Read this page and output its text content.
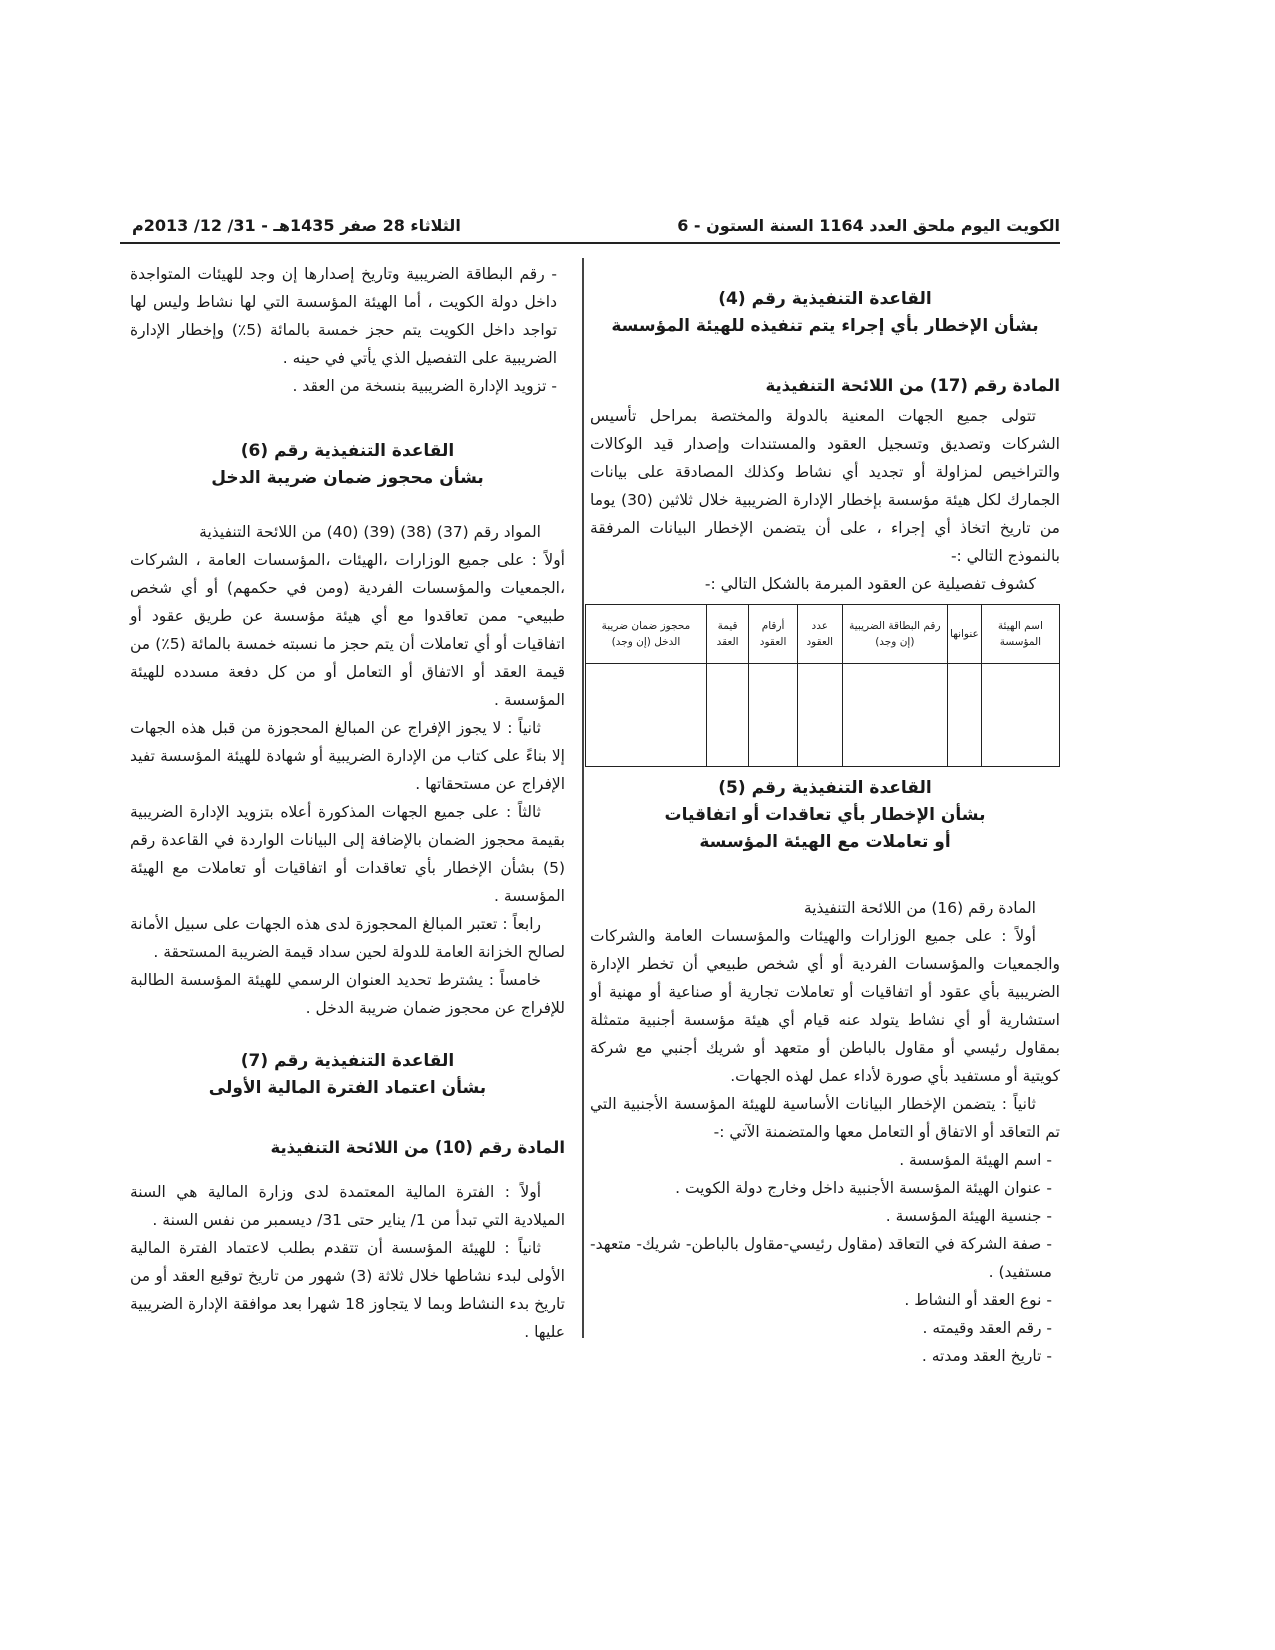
الكويت اليوم ملحق العدد 1164 السنة الستون - 6
الثلاثاء 28 صفر 1435هـ - 31/ 12/ 2013م
القاعدة التنفيذية رقم (4)
بشأن الإخطار بأي إجراء يتم تنفيذه للهيئة المؤسسة
المادة رقم (17) من اللائحة التنفيذية

تتولى جميع الجهات المعنية بالدولة والمختصة بمراحل تأسيس الشركات وتصديق وتسجيل العقود والمستندات وإصدار قيد الوكالات والتراخيص لمزاولة أو تجديد أي نشاط وكذلك المصادقة على بيانات الجمارك لكل هيئة مؤسسة بإخطار الإدارة الضريبية خلال ثلاثين (30) يوما من تاريخ اتخاذ أي إجراء ، على أن يتضمن الإخطار البيانات المرفقة بالنموذج التالي :-

كشوف تفصيلية عن العقود المبرمة بالشكل التالي :-

اسم الهيئة المؤسسة	عنوانها	رقم البطاقة الضريبية (إن وجد)	عدد العقود	أرقام العقود	قيمة العقد	محجوز ضمان ضريبة الدخل (إن وجد)

القاعدة التنفيذية رقم (5)
بشأن الإخطار بأي تعاقدات أو اتفاقيات
أو تعاملات مع الهيئة المؤسسة

المادة رقم (16) من اللائحة التنفيذية

أولاً : على جميع الوزارات والهيئات والمؤسسات العامة والشركات والجمعيات والمؤسسات الفردية أو أي شخص طبيعي أن تخطر الإدارة الضريبية بأي عقود أو اتفاقيات أو تعاملات تجارية أو صناعية أو مهنية أو استشارية أو أي نشاط يتولد عنه قيام أي هيئة مؤسسة أجنبية متمثلة بمقاول رئيسي أو مقاول بالباطن أو متعهد أو شريك أجنبي مع شركة كويتية أو مستفيد بأي صورة لأداء عمل لهذه الجهات.

ثانياً : يتضمن الإخطار البيانات الأساسية للهيئة المؤسسة الأجنبية التي تم التعاقد أو الاتفاق أو التعامل معها والمتضمنة الآتي :-

- اسم الهيئة المؤسسة .

- عنوان الهيئة المؤسسة الأجنبية داخل وخارج دولة الكويت .

- جنسية الهيئة المؤسسة .

- صفة الشركة في التعاقد (مقاول رئيسي-مقاول بالباطن- شريك- متعهد- مستفيد) .

- نوع العقد أو النشاط .

- رقم العقد وقيمته .

- تاريخ العقد ومدته .

- رقم البطاقة الضريبية وتاريخ إصدارها إن وجد للهيئات المتواجدة داخل دولة الكويت ، أما الهيئة المؤسسة التي لها نشاط وليس لها تواجد داخل الكويت يتم حجز خمسة بالمائة (5٪) وإخطار الإدارة الضريبية على التفصيل الذي يأتي في حينه .

- تزويد الإدارة الضريبية بنسخة من العقد .

القاعدة التنفيذية رقم (6)
بشأن محجوز ضمان ضريبة الدخل

المواد رقم (37) (38) (39) (40) من اللائحة التنفيذية

أولاً : على جميع الوزارات ،الهيئات ،المؤسسات العامة ، الشركات ،الجمعيات والمؤسسات الفردية (ومن في حكمهم) أو أي شخص طبيعي- ممن تعاقدوا مع أي هيئة مؤسسة عن طريق عقود أو اتفاقيات أو أي تعاملات أن يتم حجز ما نسبته خمسة بالمائة (5٪) من قيمة العقد أو الاتفاق أو التعامل أو من كل دفعة مسدده للهيئة المؤسسة .

ثانياً : لا يجوز الإفراج عن المبالغ المحجوزة من قبل هذه الجهات إلا بناءً على كتاب من الإدارة الضريبية أو شهادة للهيئة المؤسسة تفيد الإفراج عن مستحقاتها .

ثالثاً : على جميع الجهات المذكورة أعلاه بتزويد الإدارة الضريبية بقيمة محجوز الضمان بالإضافة إلى البيانات الواردة في القاعدة رقم (5) بشأن الإخطار بأي تعاقدات أو اتفاقيات أو تعاملات مع الهيئة المؤسسة .

رابعاً : تعتبر المبالغ المحجوزة لدى هذه الجهات على سبيل الأمانة لصالح الخزانة العامة للدولة لحين سداد قيمة الضريبة المستحقة .

خامساً : يشترط تحديد العنوان الرسمي للهيئة المؤسسة الطالبة للإفراج عن محجوز ضمان ضريبة الدخل .

القاعدة التنفيذية رقم (7)
بشأن اعتماد الفترة المالية الأولى
المادة رقم (10) من اللائحة التنفيذية

أولاً : الفترة المالية المعتمدة لدى وزارة المالية هي السنة الميلادية التي تبدأ من 1/ يناير حتى 31/ ديسمبر من نفس السنة .

ثانياً : للهيئة المؤسسة أن تتقدم بطلب لاعتماد الفترة المالية الأولى لبدء نشاطها خلال ثلاثة (3) شهور من تاريخ توقيع العقد أو من تاريخ بدء النشاط وبما لا يتجاوز 18 شهرا بعد موافقة الإدارة الضريبية عليها .
